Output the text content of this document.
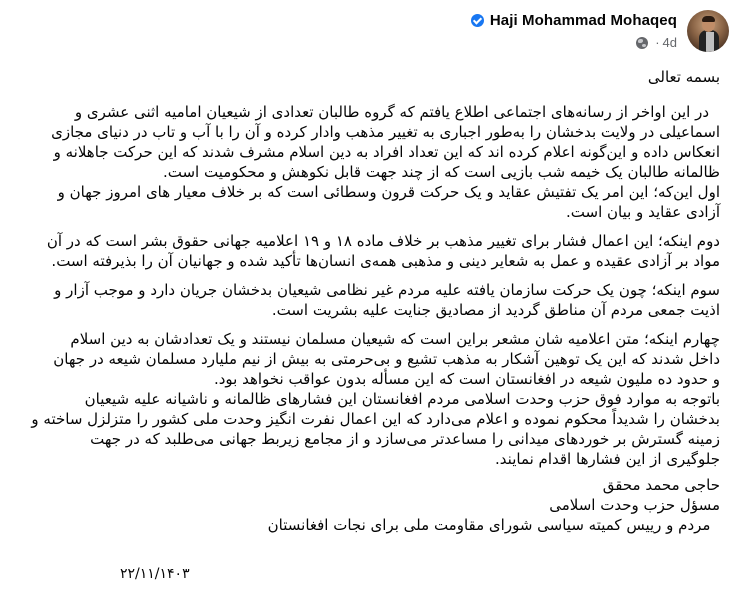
Haji Mohammad Mohaqeq
· 4d
بسمه تعالی
در این اواخر از رسانه‌های اجتماعی اطلاع یافتم که گروه طالبان تعدادی از شیعیان امامیه اثنی عشری و
اسماعیلی در ولایت بدخشان را به‌طور اجباری به تغییر مذهب وادار کرده و آن را با آب و تاب در دنیای مجازی
انعکاس داده و این‌گونه اعلام کرده اند که این تعداد افراد به دین اسلام مشرف شدند که این حرکت جاهلانه و
ظالمانه طالبان یک خیمه شب بازیی است که از چند جهت قابل نکوهش و محکومیت است.
اول این‌که؛ این امر یک تفتیش عقاید و یک حرکت قرون وسطائی است که بر خلاف معیار های امروز جهان و
آزادی عقاید و بیان است.
دوم اینکه؛ این اعمال فشار برای تغییر مذهب بر خلاف ماده ۱۸ و ۱۹ اعلامیه جهانی حقوق بشر است که در آن
مواد بر آزادی عقیده و عمل به شعایر دینی و مذهبی همه‌ی انسان‌ها تأکید شده و جهانیان آن را بذیرفته است.
سوم اینکه؛ چون یک حرکت سازمان یافته علیه مردم غیر نظامی شیعیان بدخشان جریان دارد و موجب آزار و
اذیت جمعی مردم آن مناطق گردید از مصادیق جنایت علیه بشریت است.
چهارم اینکه؛ متن اعلامیه شان مشعر براین است که شیعیان مسلمان نیستند و یک تعدادشان به دین اسلام
داخل شدند که این یک توهین آشکار به مذهب تشیع و بی‌حرمتی به بیش از نیم ملیارد مسلمان شیعه در جهان
و حدود ده ملیون شیعه در افغانستان است که این مسأله بدون عواقب نخواهد بود.
باتوجه به موارد فوق حزب وحدت اسلامی مردم افغانستان این فشارهای ظالمانه و ناشیانه علیه شیعیان
بدخشان را شدیداً محکوم نموده و اعلام می‌دارد که این اعمال نفرت انگیز وحدت ملی کشور را متزلزل ساخته و
زمینه گسترش بر خوردهای میدانی را مساعدتر می‌سازد و از مجامع زیربط جهانی می‌طلبد که در جهت
جلوگیری از این فشارها اقدام نمایند.
حاجی محمد محقق
مسؤل حزب وحدت اسلامی
مردم و رییس کمیته سیاسی شورای مقاومت ملی برای نجات افغانستان
۲۲/۱۱/۱۴۰۳
